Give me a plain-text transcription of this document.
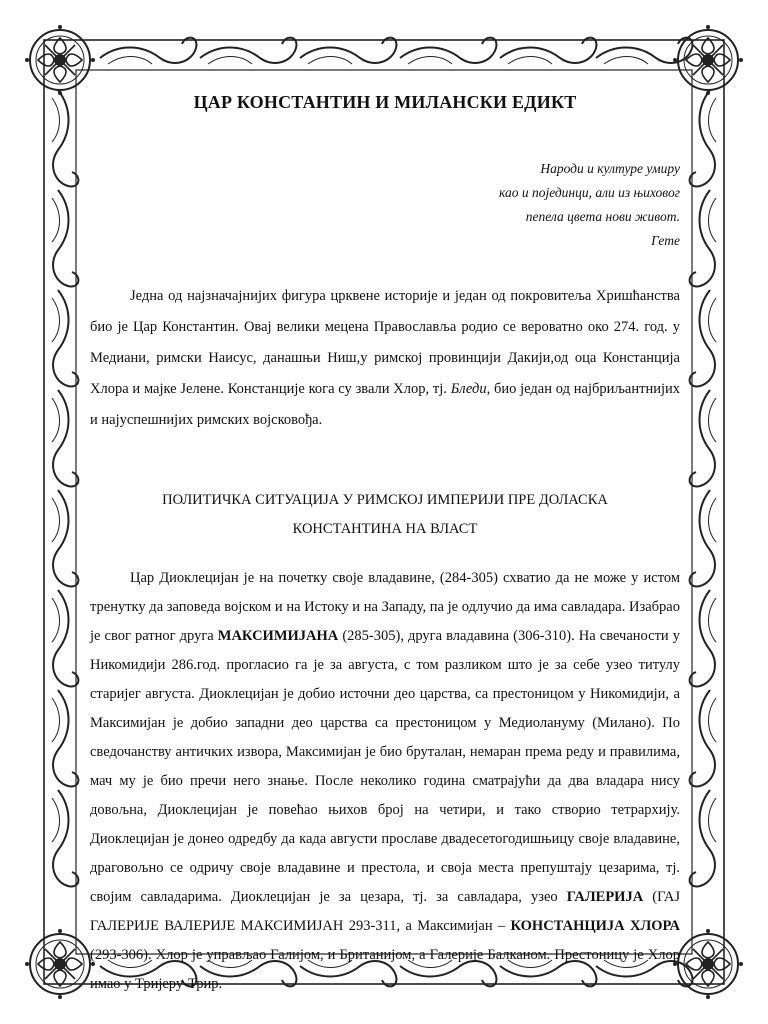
ЦАР КОНСТАНТИН И МИЛАНСКИ ЕДИКТ
Народи и културе умиру
као и појединци, али из њиховог
пепела цвета нови живот.
Гете

Једна од најзначајнијих фигура црквене историје и један од покровитеља Хришћанства био је Цар Константин. Овај велики мецена Православља родио се вероватно око 274. год. у Медиани, римски Наисус, данашњи Ниш,у римској провинцији Дакији,од оца Констанција Хлора и мајке Јелене. Констанције кога су звали Хлор, тј. Бледи, био један од најбриљантнијих и најуспешнијих римских војсковођа.

ПОЛИТИЧКА СИТУАЦИЈА У РИМСКОЈ ИМПЕРИЈИ ПРЕ ДОЛАСКА
КОНСТАНТИНА НА ВЛАСТ

Цар Диоклецијан је на почетку своје владавине, (284-305) схватио да не може у истом тренутку да заповеда војском и на Истоку и на Западу, па је одлучио да има савладара. Изабрао је свог ратног друга МАКСИМИЈАНА (285-305), друга владавина (306-310). На свечаности у Никомидији 286.год. прогласио га је за августа, с том разликом што је за себе узео титулу старијег августа. Диоклецијан је добио источни део царства, са престоницом у Никомидији, а Максимијан је добио западни део царства са престоницом у Медиолануму (Милано). По сведочанству античких извора, Максимијан је био бруталан, немаран према реду и правилима, мач му је био пречи него знање. После неколико година сматрајући да два владара нису довољна, Диоклецијан је повећао њихов број на четири, и тако створио тетрархију. Диоклецијан је донео одредбу да када августи прославе двадесетогодишњицу своје владавине, драговољно се одричу своје владавине и престола, и своја места препуштају цезарима, тј. својим савладарима. Диоклецијан је за цезара, тј. за савладара, узео ГАЛЕРИЈА (ГАЈ ГАЛЕРИЈЕ ВАЛЕРИЈЕ МАКСИМИЈАН 293-311, а Максимијан – КОНСТАНЦИЈА ХЛОРА (293-306). Хлор је управљао Галијом, и Британијом, а Галерије Балканом. Престоницу је Хлор имао у Тријеру-Трир.
